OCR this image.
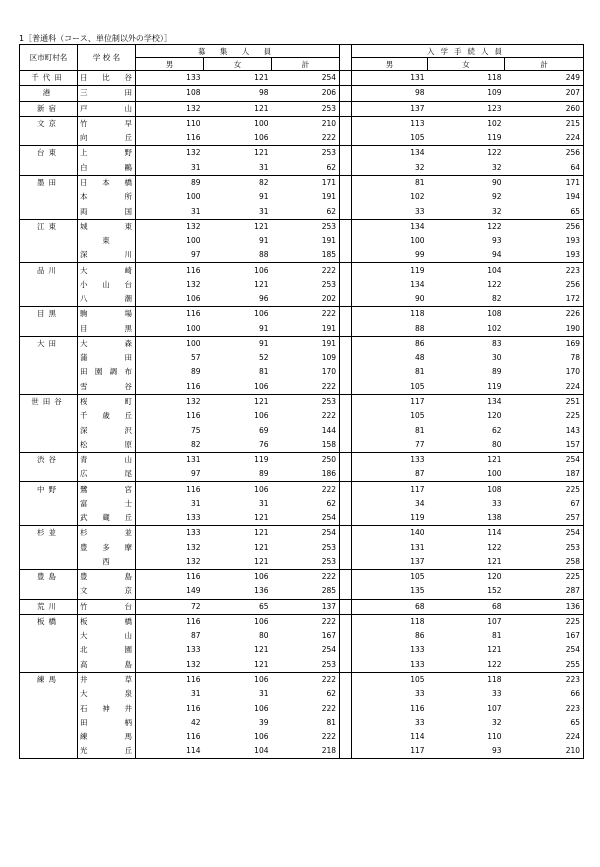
1［普通科（コース、単位制以外の学校）］
区市町村名	学 校 名	募 集 人 員				入学手続人員		
		男	女	計		男	女	計
千代田	日 比 谷	133	121	254		131	118	249
港	三 田	108	98	206		98	109	207
新宿	戸 山	132	121	253		137	123	260
文京	竹 早	110	100	210		113	102	215

	向 丘	116	106	222		105	119	224
台東	上 野	132	121	253		134	122	256

	白 鷗	31	31	62		32	32	64
墨田	日 本 橋	89	82	171		81	90	171

	本 所	100	91	191		102	92	194

	両 国	31	31	62		33	32	65
江東	城 東	132	121	253		134	122	256

	東	100	91	191		100	93	193

	深 川	97	88	185		99	94	193
品川	大 崎	116	106	222		119	104	223

	小 山 台	132	121	253		134	122	256

	八 潮	106	96	202		90	82	172
目黒	駒 場	116	106	222		118	108	226

	目 黒	100	91	191		88	102	190
大田	大 森	100	91	191		86	83	169

	蒲 田	57	52	109		48	30	78

	田 園 調 布	89	81	170		81	89	170

	雪 谷	116	106	222		105	119	224
世田谷	桜 町	132	121	253		117	134	251

	千 歳 丘	116	106	222		105	120	225

	深 沢	75	69	144		81	62	143

	松 原	82	76	158		77	80	157
渋谷	青 山	131	119	250		133	121	254

	広 尾	97	89	186		87	100	187
中野	鷺 宮	116	106	222		117	108	225

	富 士	31	31	62		34	33	67

	武 蔵 丘	133	121	254		119	138	257
杉並	杉 並	133	121	254		140	114	254

	豊 多 摩	132	121	253		131	122	253

	西	132	121	253		137	121	258
豊島	豊 島	116	106	222		105	120	225

	文 京	149	136	285		135	152	287
荒川	竹 台	72	65	137		68	68	136
板橋	板 橋	116	106	222		118	107	225

	大 山	87	80	167		86	81	167

	北 園	133	121	254		133	121	254

	高 島	132	121	253		133	122	255
練馬	井 草	116	106	222		105	118	223

	大 泉	31	31	62		33	33	66

	石 神 井	116	106	222		116	107	223

	田 柄	42	39	81		33	32	65

	練 馬	116	106	222		114	110	224

	光 丘	114	104	218		117	93	210
